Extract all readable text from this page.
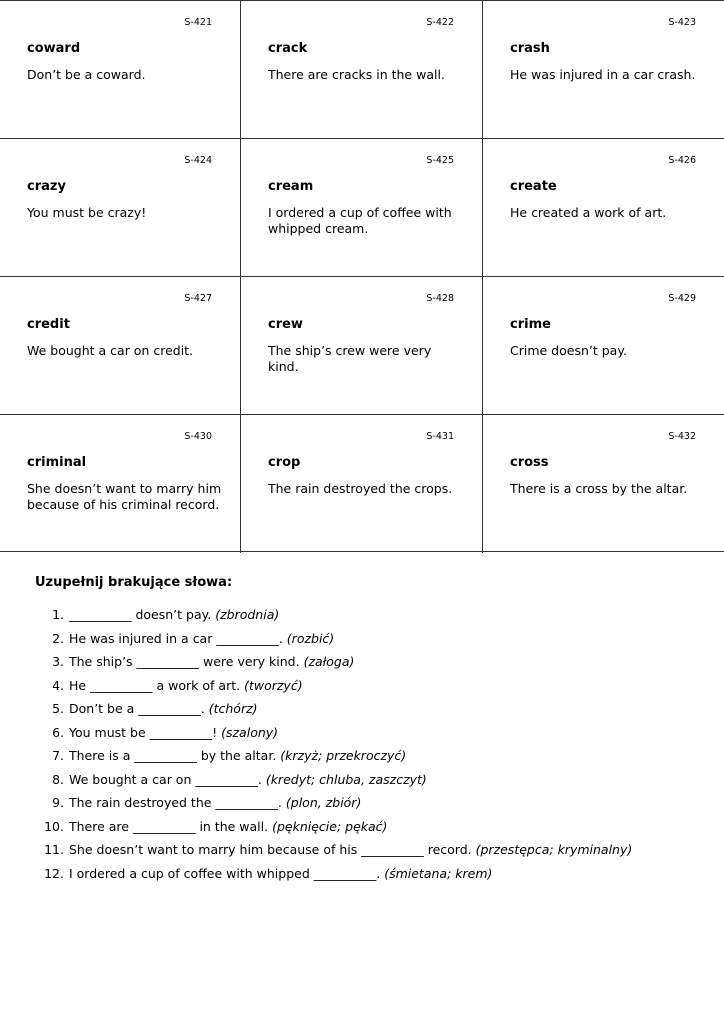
S-421
coward
Don’t be a coward.
S-422
crack
There are cracks in the wall.
S-423
crash
He was injured in a car crash.
S-424
crazy
You must be crazy!
S-425
cream
I ordered a cup of coffee with whipped cream.
S-426
create
He created a work of art.
S-427
credit
We bought a car on credit.
S-428
crew
The ship’s crew were very kind.
S-429
crime
Crime doesn’t pay.
S-430
criminal
She doesn’t want to marry him because of his criminal record.
S-431
crop
The rain destroyed the crops.
S-432
cross
There is a cross by the altar.
Uzupełnij brakujące słowa:
1. __________ doesn’t pay. (zbrodnia)
2. He was injured in a car __________. (rozbić)
3. The ship’s __________ were very kind. (załoga)
4. He __________ a work of art. (tworzyć)
5. Don’t be a __________. (tchórz)
6. You must be __________! (szalony)
7. There is a __________ by the altar. (krzyż; przekroczyć)
8. We bought a car on __________. (kredyt; chluba, zaszczyt)
9. The rain destroyed the __________. (plon, zbiór)
10. There are __________ in the wall. (pęknięcie; pękać)
11. She doesn’t want to marry him because of his __________ record. (przestępca; kryminalny)
12. I ordered a cup of coffee with whipped __________. (śmietana; krem)
